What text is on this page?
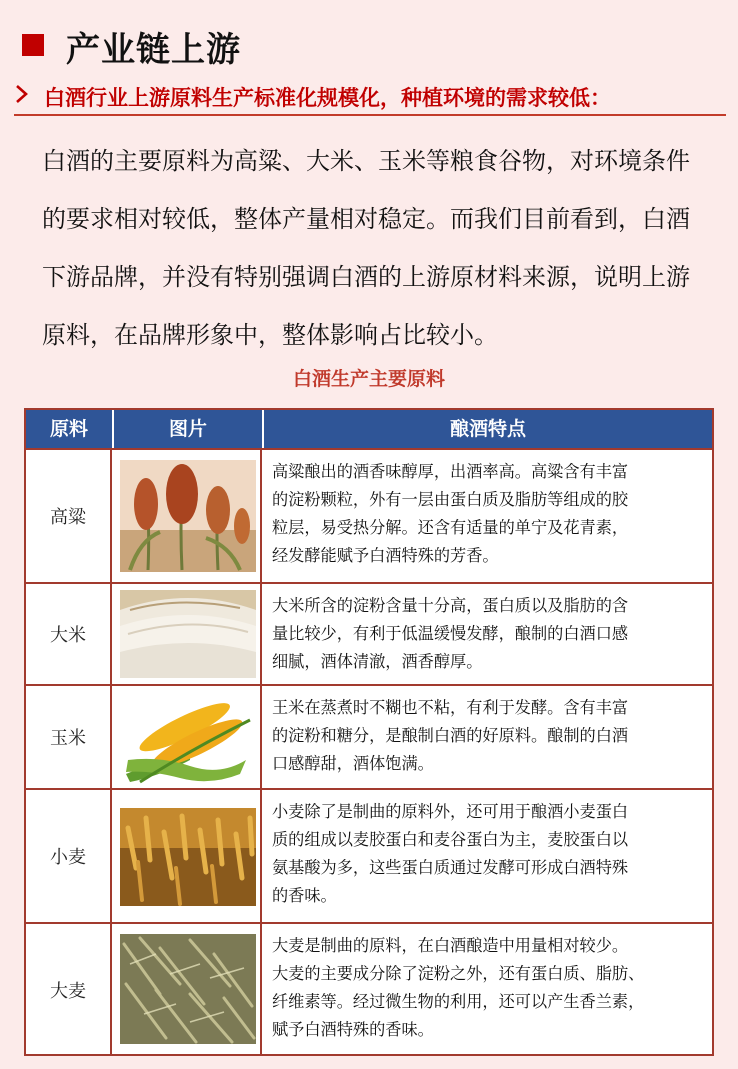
产业链上游
白酒行业上游原料生产标准化规模化，种植环境的需求较低：
白酒的主要原料为高粱、大米、玉米等粮食谷物，对环境条件
的要求相对较低，整体产量相对稳定。而我们目前看到，白酒
下游品牌，并没有特别强调白酒的上游原材料来源，说明上游
原料，在品牌形象中，整体影响占比较小。
白酒生产主要原料
原料	图片	酿酒特点
高粱
高粱酿出的酒香味醇厚，出酒率高。高粱含有丰富
的淀粉颗粒，外有一层由蛋白质及脂肪等组成的胶
粒层，易受热分解。还含有适量的单宁及花青素，
经发酵能赋予白酒特殊的芳香。
大米
大米所含的淀粉含量十分高，蛋白质以及脂肪的含
量比较少，有利于低温缓慢发酵，酿制的白酒口感
细腻，酒体清澈，酒香醇厚。
玉米
王米在蒸煮时不糊也不粘，有利于发酵。含有丰富
的淀粉和糖分，是酿制白酒的好原料。酿制的白酒
口感醇甜，酒体饱满。
小麦
小麦除了是制曲的原料外，还可用于酿酒小麦蛋白
质的组成以麦胶蛋白和麦谷蛋白为主，麦胶蛋白以
氨基酸为多，这些蛋白质通过发酵可形成白酒特殊
的香味。
大麦
大麦是制曲的原料，在白酒酿造中用量相对较少。
大麦的主要成分除了淀粉之外，还有蛋白质、脂肪、
纤维素等。经过微生物的利用，还可以产生香兰素，
赋予白酒特殊的香味。
